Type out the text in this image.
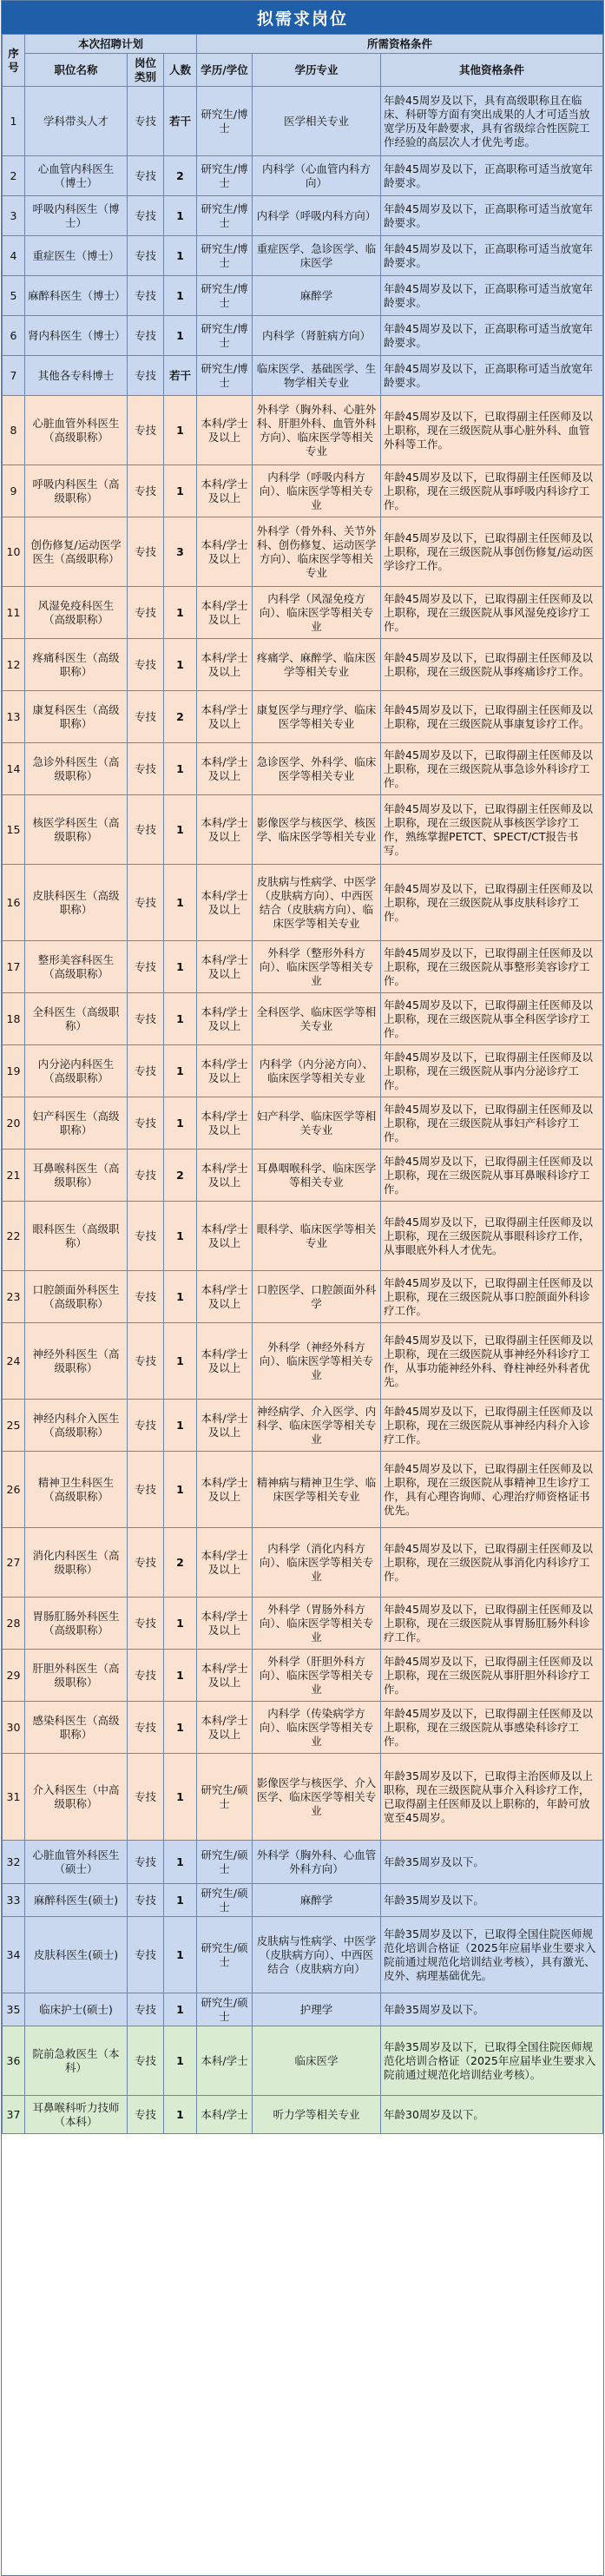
拟需求岗位
序号	本次招聘计划			所需资格条件		
	职位名称	岗位类别	人数	学历/学位	学历专业	其他资格条件
1	学科带头人才	专技	若干	研究生/博士	医学相关专业	年龄45周岁及以下，具有高级职称且在临床、科研等方面有突出成果的人才可适当放宽学历及年龄要求，具有省级综合性医院工作经验的高层次人才优先考虑。
2	心血管内科医生（博士）	专技	2	研究生/博士	内科学（心血管内科方向）	年龄45周岁及以下，正高职称可适当放宽年龄要求。
3	呼吸内科医生（博士）	专技	1	研究生/博士	内科学（呼吸内科方向）	年龄45周岁及以下，正高职称可适当放宽年龄要求。
4	重症医生（博士）	专技	1	研究生/博士	重症医学、急诊医学、临床医学	年龄45周岁及以下，正高职称可适当放宽年龄要求。
5	麻醉科医生（博士）	专技	1	研究生/博士	麻醉学	年龄45周岁及以下，正高职称可适当放宽年龄要求。
6	肾内科医生（博士）	专技	1	研究生/博士	内科学（肾脏病方向）	年龄45周岁及以下，正高职称可适当放宽年龄要求。
7	其他各专科博士	专技	若干	研究生/博士	临床医学、基础医学、生物学相关专业	年龄45周岁及以下，正高职称可适当放宽年龄要求。
8	心脏血管外科医生（高级职称）	专技	1	本科/学士及以上	外科学（胸外科、心脏外科、肝胆外科、血管外科方向）、临床医学等相关专业	年龄45周岁及以下，已取得副主任医师及以上职称，现在三级医院从事心脏外科、血管外科等工作。
9	呼吸内科医生（高级职称）	专技	1	本科/学士及以上	内科学（呼吸内科方向）、临床医学等相关专业	年龄45周岁及以下，已取得副主任医师及以上职称，现在三级医院从事呼吸内科诊疗工作。
10	创伤修复/运动医学医生（高级职称）	专技	3	本科/学士及以上	外科学（骨外科、关节外科、创伤修复、运动医学方向）、临床医学等相关专业	年龄45周岁及以下，已取得副主任医师及以上职称，现在三级医院从事创伤修复/运动医学诊疗工作。
11	风湿免疫科医生（高级职称）	专技	1	本科/学士及以上	内科学（风湿免疫方向）、临床医学等相关专业	年龄45周岁及以下，已取得副主任医师及以上职称，现在三级医院从事风湿免疫诊疗工作。
12	疼痛科医生（高级职称）	专技	1	本科/学士及以上	疼痛学、麻醉学、临床医学等相关专业	年龄45周岁及以下，已取得副主任医师及以上职称，现在三级医院从事疼痛诊疗工作。
13	康复科医生（高级职称）	专技	2	本科/学士及以上	康复医学与理疗学、临床医学等相关专业	年龄45周岁及以下，已取得副主任医师及以上职称，现在三级医院从事康复诊疗工作。
14	急诊外科医生（高级职称）	专技	1	本科/学士及以上	急诊医学、外科学、临床医学等相关专业	年龄45周岁及以下，已取得副主任医师及以上职称，现在三级医院从事急诊外科诊疗工作。
15	核医学科医生（高级职称）	专技	1	本科/学士及以上	影像医学与核医学、核医学、临床医学等相关专业	年龄45周岁及以下，已取得副主任医师及以上职称，现在三级医院从事核医学诊疗工作，熟练掌握PETCT、SPECT/CT报告书写。
16	皮肤科医生（高级职称）	专技	1	本科/学士及以上	皮肤病与性病学、中医学（皮肤病方向）、中西医结合（皮肤病方向）、临床医学等相关专业	年龄45周岁及以下，已取得副主任医师及以上职称，现在三级医院从事皮肤科诊疗工作。
17	整形美容科医生（高级职称）	专技	1	本科/学士及以上	外科学（整形外科方向）、临床医学等相关专业	年龄45周岁及以下，已取得副主任医师及以上职称，现在三级医院从事整形美容诊疗工作。
18	全科医生（高级职称）	专技	1	本科/学士及以上	全科医学、临床医学等相关专业	年龄45周岁及以下，已取得副主任医师及以上职称，现在三级医院从事全科医学诊疗工作。
19	内分泌内科医生（高级职称）	专技	1	本科/学士及以上	内科学（内分泌方向）、临床医学等相关专业	年龄45周岁及以下，已取得副主任医师及以上职称，现在三级医院从事内分泌诊疗工作。
20	妇产科医生（高级职称）	专技	1	本科/学士及以上	妇产科学、临床医学等相关专业	年龄45周岁及以下，已取得副主任医师及以上职称，现在三级医院从事妇产科诊疗工作。
21	耳鼻喉科医生（高级职称）	专技	2	本科/学士及以上	耳鼻咽喉科学、临床医学等相关专业	年龄45周岁及以下，已取得副主任医师及以上职称，现在三级医院从事耳鼻喉科诊疗工作。
22	眼科医生（高级职称）	专技	1	本科/学士及以上	眼科学、临床医学等相关专业	年龄45周岁及以下，已取得副主任医师及以上职称，现在三级医院从事眼科诊疗工作，从事眼底外科人才优先。
23	口腔颌面外科医生（高级职称）	专技	1	本科/学士及以上	口腔医学、口腔颌面外科学	年龄45周岁及以下，已取得副主任医师及以上职称，现在三级医院从事口腔颌面外科诊疗工作。
24	神经外科医生（高级职称）	专技	1	本科/学士及以上	外科学（神经外科方向）、临床医学等相关专业	年龄45周岁及以下，已取得副主任医师及以上职称，现在三级医院从事神经外科诊疗工作，从事功能神经外科、脊柱神经外科者优先。
25	神经内科介入医生（高级职称）	专技	1	本科/学士及以上	神经病学、介入医学、内科学、临床医学等相关专业	年龄45周岁及以下，已取得副主任医师及以上职称，现在三级医院从事神经内科介入诊疗工作。
26	精神卫生科医生（高级职称）	专技	1	本科/学士及以上	精神病与精神卫生学、临床医学等相关专业	年龄45周岁及以下，已取得副主任医师及以上职称，现在三级医院从事精神卫生诊疗工作，具有心理咨询师、心理治疗师资格证书优先。
27	消化内科医生（高级职称）	专技	2	本科/学士及以上	内科学（消化内科方向）、临床医学等相关专业	年龄45周岁及以下，已取得副主任医师及以上职称，现在三级医院从事消化内科诊疗工作。
28	胃肠肛肠外科医生（高级职称）	专技	1	本科/学士及以上	外科学（胃肠外科方向）、临床医学等相关专业	年龄45周岁及以下，已取得副主任医师及以上职称，现在三级医院从事胃肠肛肠外科诊疗工作。
29	肝胆外科医生（高级职称）	专技	1	本科/学士及以上	外科学（肝胆外科方向）、临床医学等相关专业	年龄45周岁及以下，已取得副主任医师及以上职称，现在三级医院从事肝胆外科诊疗工作。
30	感染科医生（高级职称）	专技	1	本科/学士及以上	内科学（传染病学方向）、临床医学等相关专业	年龄45周岁及以下，已取得副主任医师及以上职称，现在三级医院从事感染科诊疗工作。
31	介入科医生（中高级职称）	专技	1	研究生/硕士	影像医学与核医学、介入医学、临床医学等相关专业	年龄35周岁及以下，已取得主治医师及以上职称，现在三级医院从事介入科诊疗工作，已取得副主任医师及以上职称的，年龄可放宽至45周岁。
32	心脏血管外科医生（硕士）	专技	1	研究生/硕士	外科学（胸外科、心血管外科方向）	年龄35周岁及以下。
33	麻醉科医生(硕士)	专技	1	研究生/硕士	麻醉学	年龄35周岁及以下。
34	皮肤科医生(硕士)	专技	1	研究生/硕士	皮肤病与性病学、中医学（皮肤病方向）、中西医结合（皮肤病方向）	年龄35周岁及以下，已取得全国住院医师规范化培训合格证（2025年应届毕业生要求入院前通过规范化培训结业考核），具有激光、皮外、病理基础优先。
35	临床护士(硕士)	专技	1	研究生/硕士	护理学	年龄35周岁及以下。
36	院前急救医生（本科）	专技	1	本科/学士	临床医学	年龄35周岁及以下，已取得全国住院医师规范化培训合格证（2025年应届毕业生要求入院前通过规范化培训结业考核）。
37	耳鼻喉科听力技师（本科）	专技	1	本科/学士	听力学等相关专业	年龄30周岁及以下。
